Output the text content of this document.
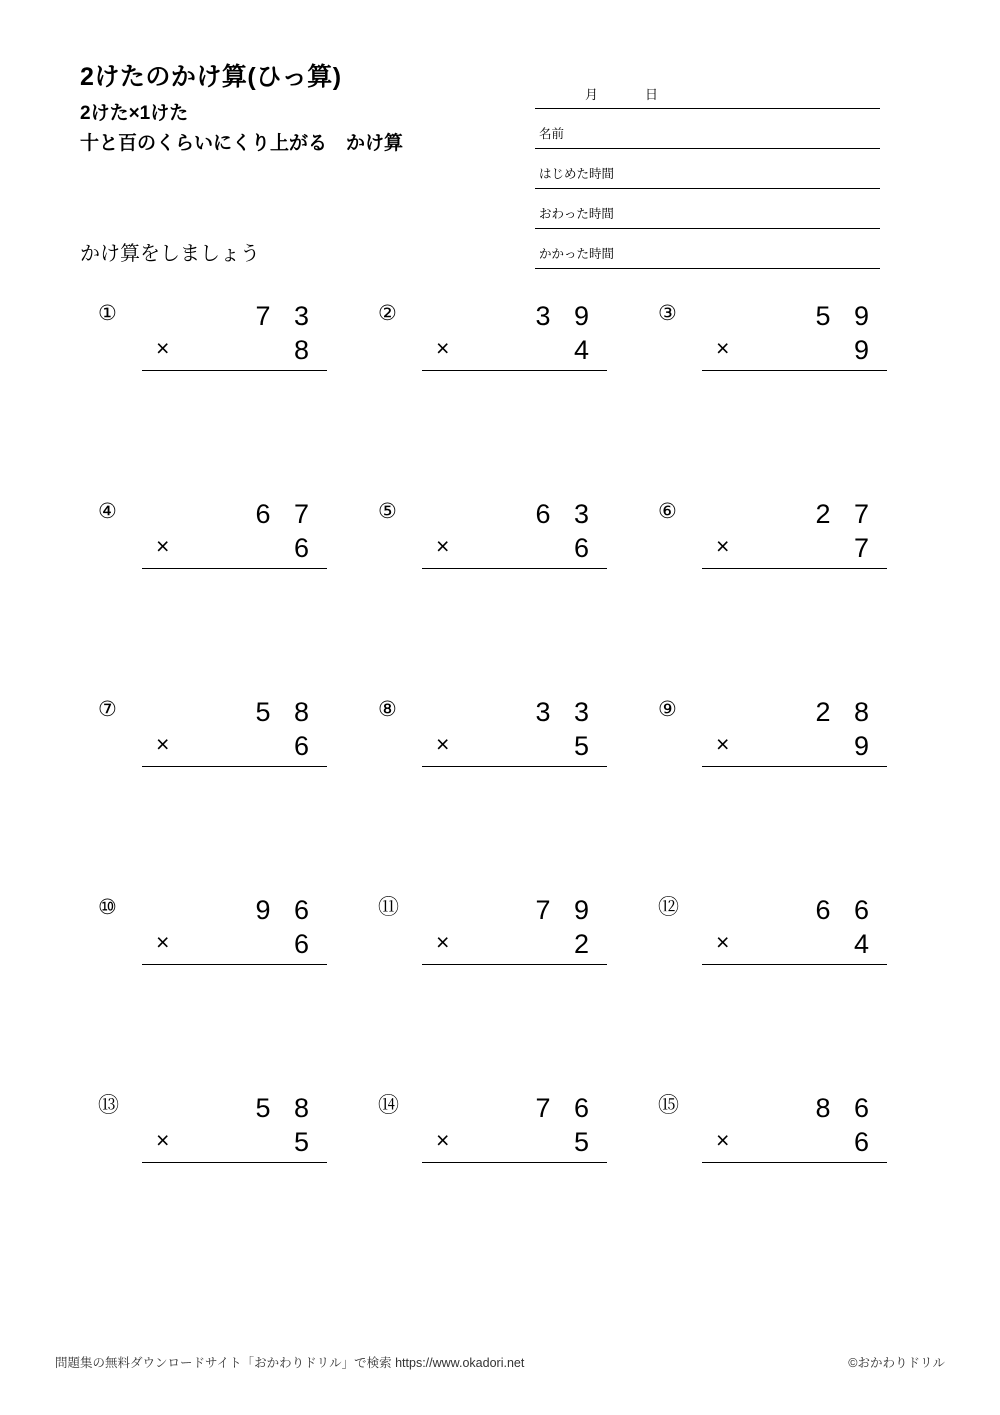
2けたのかけ算(ひっ算)
2けた×1けた
十と百のくらいにくり上がる　かけ算
かけ算をしましょう
月	日
名前
はじめた時間
おわった時間
かかった時間
①	7 3
×	8
②	3 9
×	4
③	5 9
×	9
④	6 7
×	6
⑤	6 3
×	6
⑥	2 7
×	7
⑦	5 8
×	6
⑧	3 3
×	5
⑨	2 8
×	9
⑩	9 6
×	6
⑪	7 9
×	2
⑫	6 6
×	4
⑬	5 8
×	5
⑭	7 6
×	5
⑮	8 6
×	6
問題集の無料ダウンロードサイト「おかわりドリル」で検索 https://www.okadori.net	©おかわりドリル
